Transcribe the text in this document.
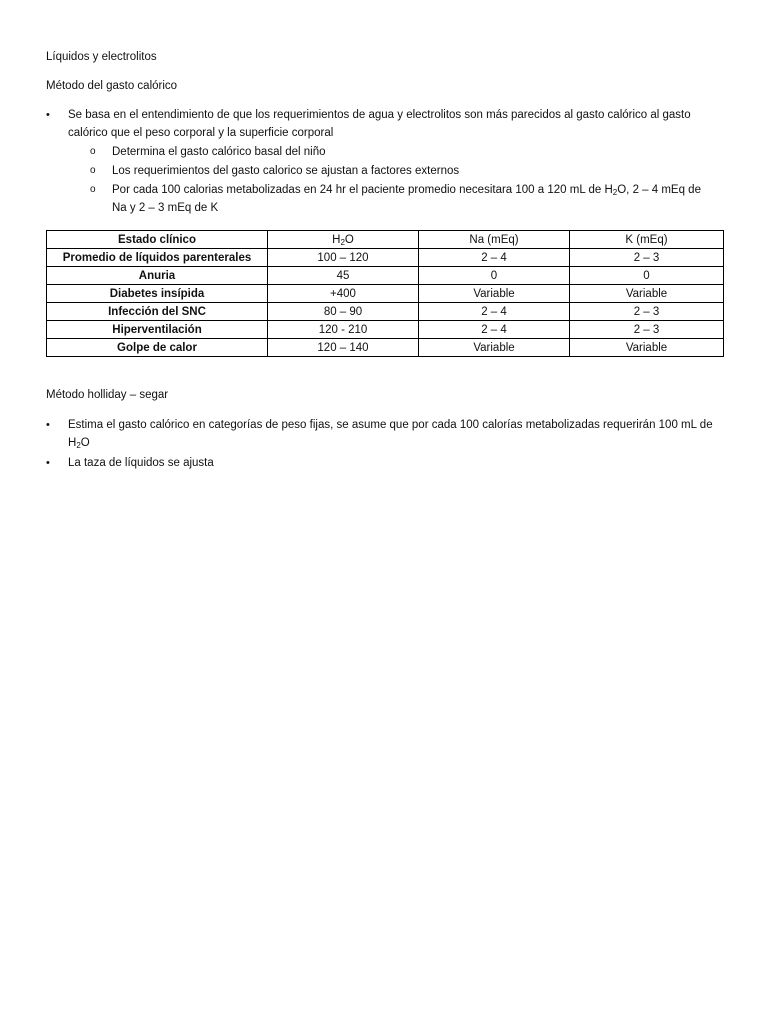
Líquidos y electrolitos

Método del gasto calórico

• Se basa en el entendimiento de que los requerimientos de agua y electrolitos son más parecidos al gasto calórico al gasto calórico que el peso corporal y la superficie corporal
o Determina el gasto calórico basal del niño
o Los requerimientos del gasto calorico se ajustan a factores externos
o Por cada 100 calorias metabolizadas en 24 hr el paciente promedio necesitara 100 a 120 mL de $H_2O$, 2 – 4 mEq de Na y 2 – 3 mEq de K
Estado clínico	$H_2O$	Na (mEq)	K (mEq)
Promedio de líquidos parenterales	100 – 120	2 – 4	2 – 3
Anuria	45	0	0
Diabetes insípida	+400	Variable	Variable
Infección del SNC	80 – 90	2 – 4	2 – 3
Hiperventilación	120 - 210	2 – 4	2 – 3
Golpe de calor	120 – 140	Variable	Variable

Método holliday – segar

• Estima el gasto calórico en categorías de peso fijas, se asume que por cada 100 calorías metabolizadas requerirán 100 mL de $H_2O$
• La taza de líquidos se ajusta
